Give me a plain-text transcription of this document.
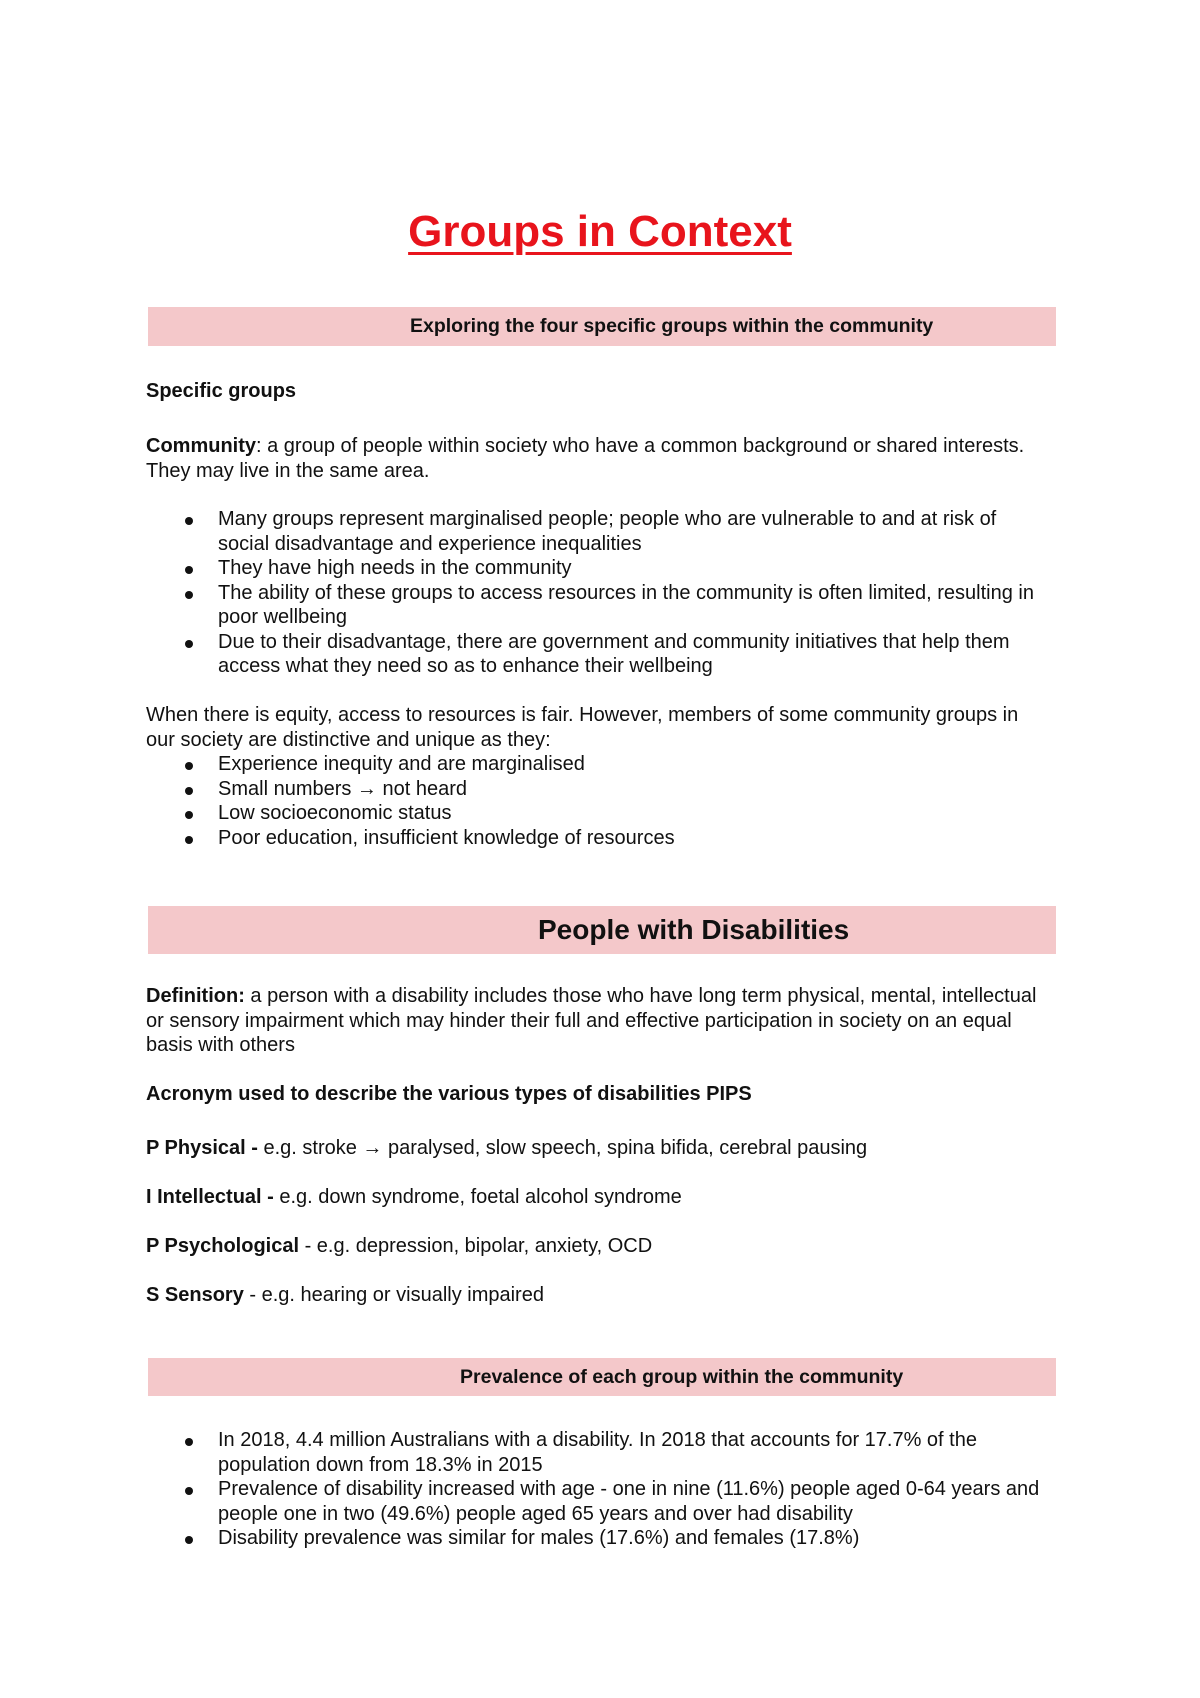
Groups in Context
Exploring the four specific groups within the community
Specific groups
Community: a group of people within society who have a common background or shared interests. They may live in the same area.
Many groups represent marginalised people; people who are vulnerable to and at risk of social disadvantage and experience inequalities
They have high needs in the community
The ability of these groups to access resources in the community is often limited, resulting in poor wellbeing
Due to their disadvantage, there are government and community initiatives that help them access what they need so as to enhance their wellbeing
When there is equity, access to resources is fair. However, members of some community groups in our society are distinctive and unique as they:
Experience inequity and are marginalised
Small numbers → not heard
Low socioeconomic status
Poor education, insufficient knowledge of resources
People with Disabilities
Definition: a person with a disability includes those who have long term physical, mental, intellectual or sensory impairment which may hinder their full and effective participation in society on an equal basis with others
Acronym used to describe the various types of disabilities PIPS
P Physical - e.g. stroke → paralysed, slow speech, spina bifida, cerebral pausing
I Intellectual - e.g. down syndrome, foetal alcohol syndrome
P Psychological - e.g. depression, bipolar, anxiety, OCD
S Sensory - e.g. hearing or visually impaired
Prevalence of each group within the community
In 2018, 4.4 million Australians with a disability. In 2018 that accounts for 17.7% of the population down from 18.3% in 2015
Prevalence of disability increased with age - one in nine (11.6%) people aged 0-64 years and people one in two (49.6%) people aged 65 years and over had disability
Disability prevalence was similar for males (17.6%) and females (17.8%)
